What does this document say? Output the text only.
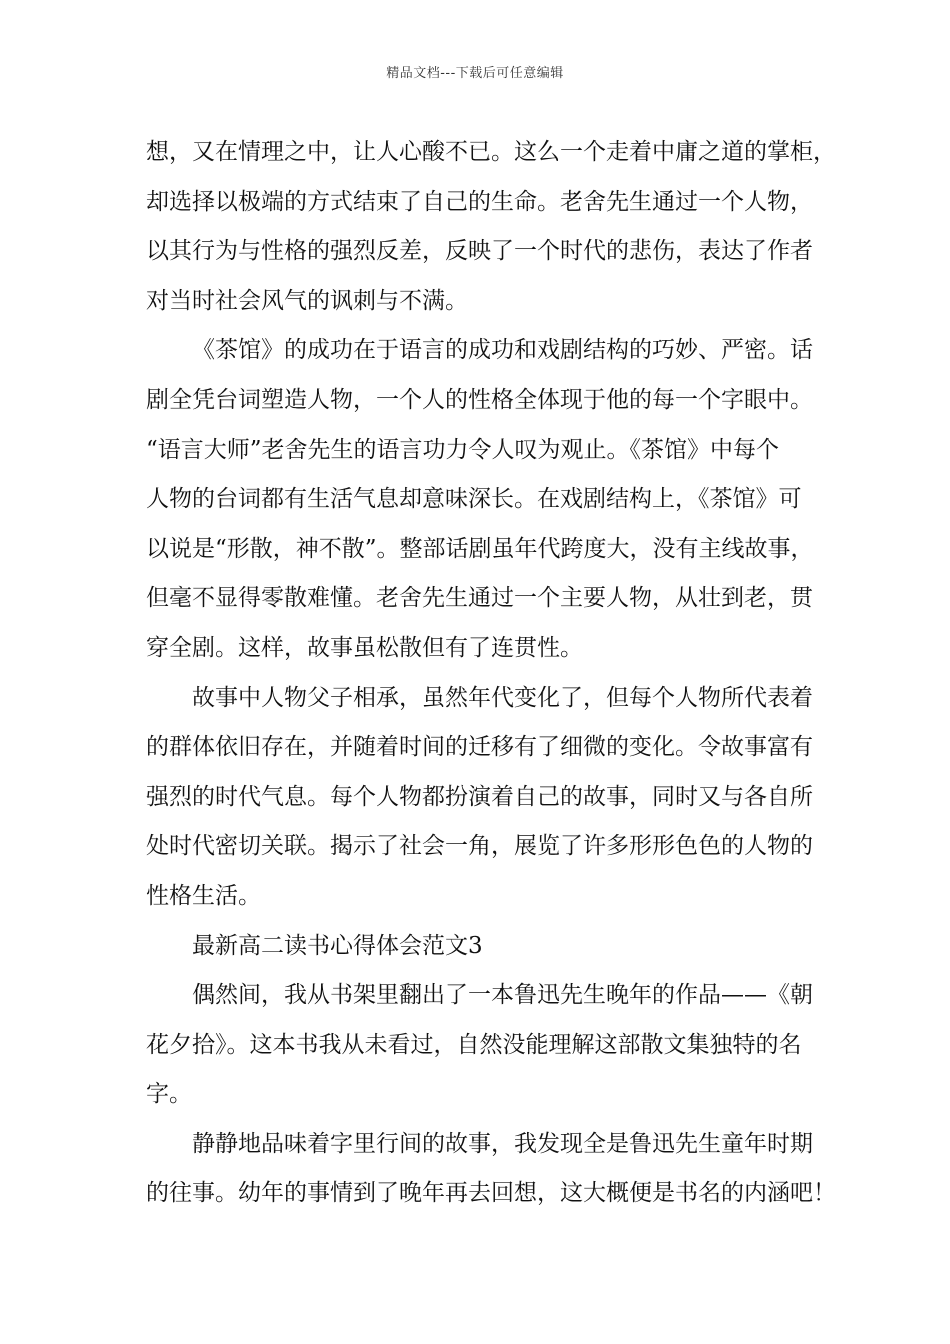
精品文档---下载后可任意编辑
想，又在情理之中，让人心酸不已。这么一个走着中庸之道的掌柜，
却选择以极端的方式结束了自己的生命。老舍先生通过一个人物，
以其行为与性格的强烈反差，反映了一个时代的悲伤，表达了作者
对当时社会风气的讽刺与不满。
《茶馆》的成功在于语言的成功和戏剧结构的巧妙、严密。话
剧全凭台词塑造人物，一个人的性格全体现于他的每一个字眼中。
“语言大师”老舍先生的语言功力令人叹为观止。《茶馆》中每个
人物的台词都有生活气息却意味深长。在戏剧结构上，《茶馆》可
以说是“形散，神不散”。整部话剧虽年代跨度大，没有主线故事，
但毫不显得零散难懂。老舍先生通过一个主要人物，从壮到老，贯
穿全剧。这样，故事虽松散但有了连贯性。
故事中人物父子相承，虽然年代变化了，但每个人物所代表着
的群体依旧存在，并随着时间的迁移有了细微的变化。令故事富有
强烈的时代气息。每个人物都扮演着自己的故事，同时又与各自所
处时代密切关联。揭示了社会一角，展览了许多形形色色的人物的
性格生活。
最新高二读书心得体会范文3
偶然间，我从书架里翻出了一本鲁迅先生晚年的作品——《朝
花夕拾》。这本书我从未看过，自然没能理解这部散文集独特的名
字。
静静地品味着字里行间的故事，我发现全是鲁迅先生童年时期
的往事。幼年的事情到了晚年再去回想，这大概便是书名的内涵吧！
